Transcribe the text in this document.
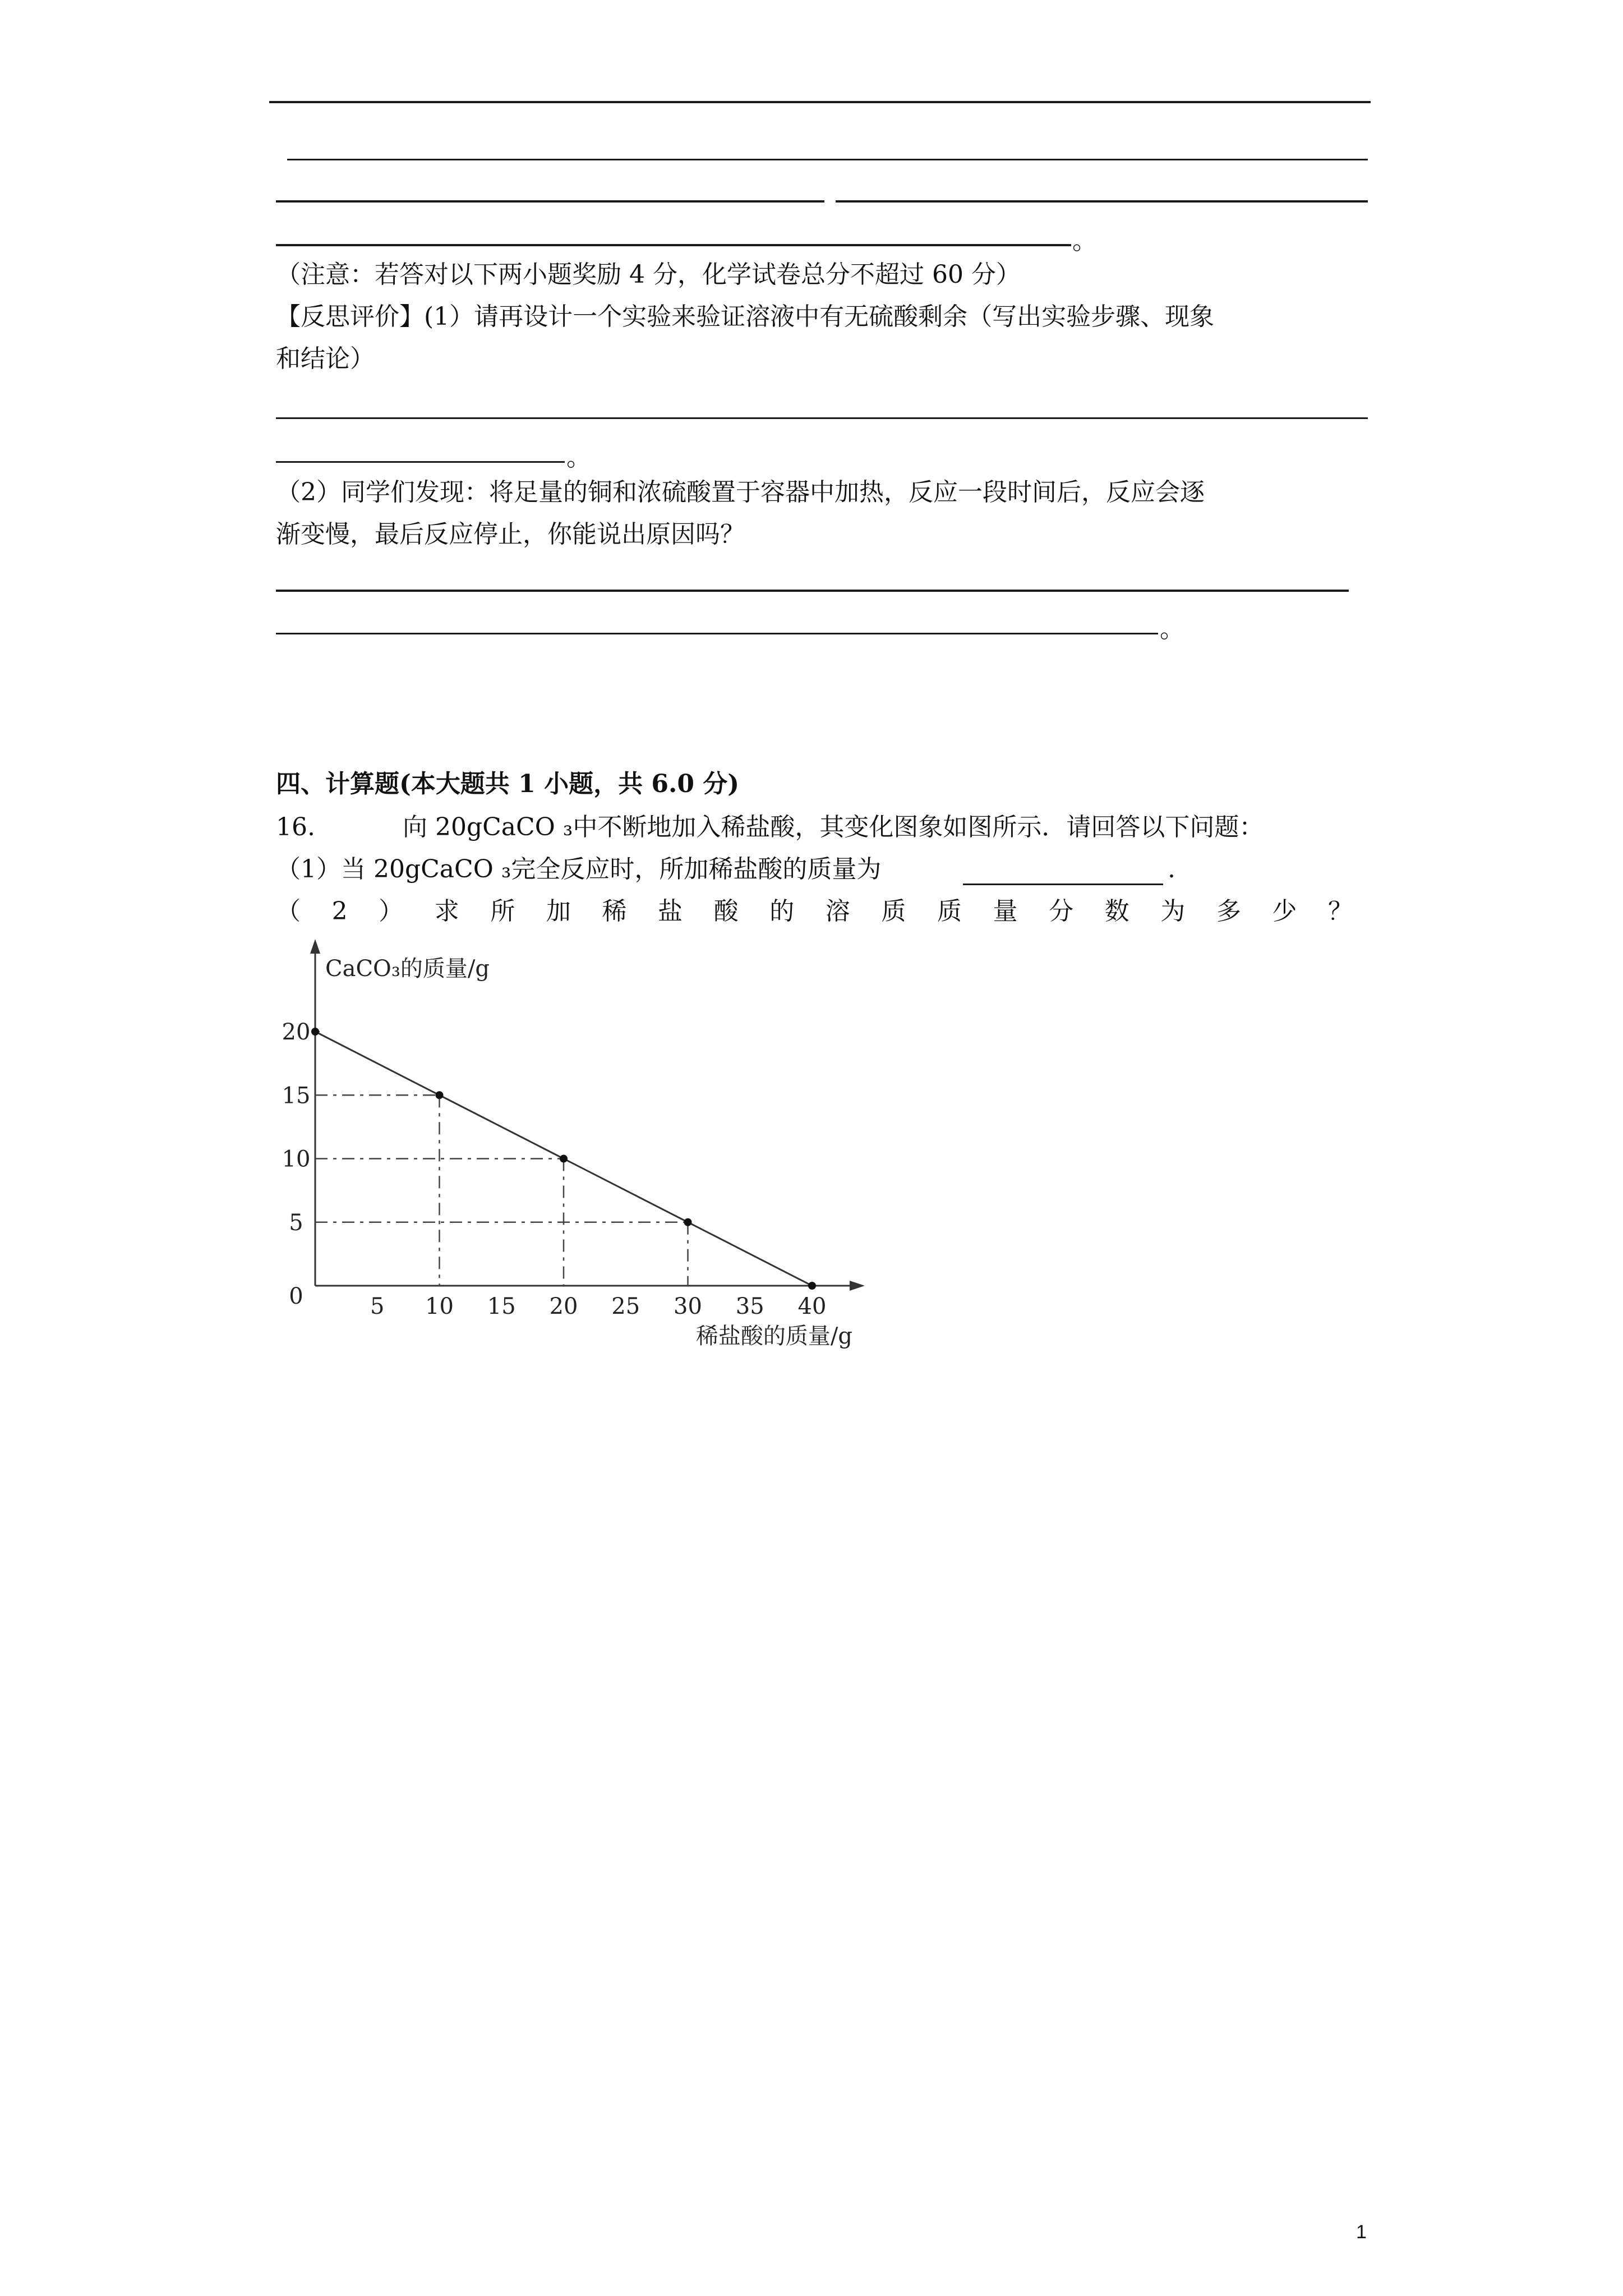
。
（注意：若答对以下两小题奖励 4 分，化学试卷总分不超过 60 分）
【反思评价】(1）请再设计一个实验来验证溶液中有无硫酸剩余（写出实验步骤、现象
和结论）
。
（2）同学们发现：将足量的铜和浓硫酸置于容器中加热，反应一段时间后，反应会逐
渐变慢，最后反应停止，你能说出原因吗？
。
四、计算题(本大题共 1 小题，共 6.0 分)
16.	向 20gCaCO ₃中不断地加入稀盐酸，其变化图象如图所示．请回答以下问题：
（1）当 20gCaCO ₃完全反应时，所加稀盐酸的质量为	.
（ 2 ） 求 所 加 稀 盐 酸 的 溶 质 质 量 分 数 为 多 少 ？
CaCO₃的质量/g
稀盐酸的质量/g
0
5
10
15
20
5 10 15 20 25 30 35 40
1
